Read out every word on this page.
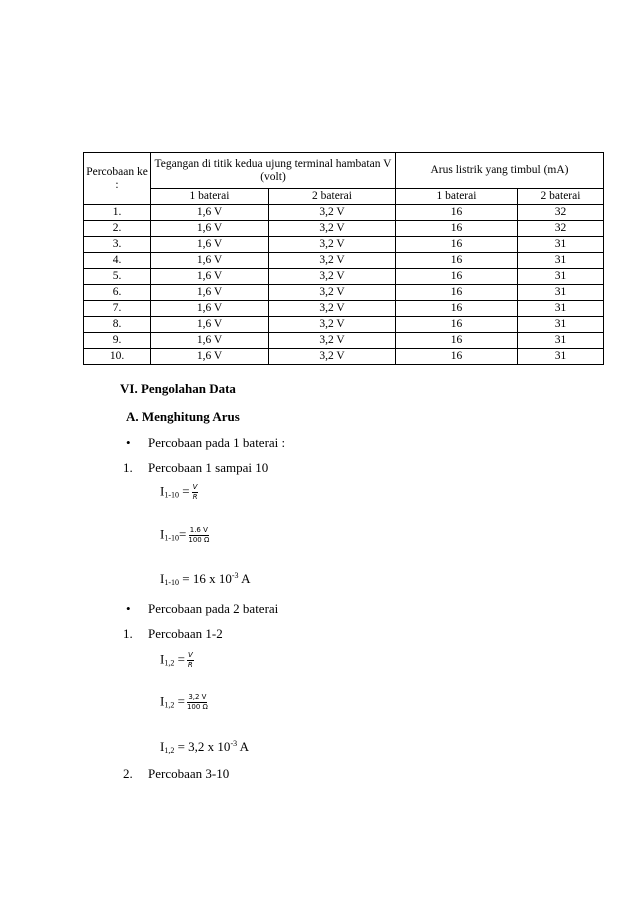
Percobaan ke :	Tegangan di titik kedua ujung terminal hambatan V (volt)		Arus listrik yang timbul (mA)	
	1 baterai	2 baterai	1 baterai	2 baterai
1.	1,6 V	3,2 V	16	32
2.	1,6 V	3,2 V	16	32
3.	1,6 V	3,2 V	16	31
4.	1,6 V	3,2 V	16	31
5.	1,6 V	3,2 V	16	31
6.	1,6 V	3,2 V	16	31
7.	1,6 V	3,2 V	16	31
8.	1,6 V	3,2 V	16	31
9.	1,6 V	3,2 V	16	31
10.	1,6 V	3,2 V	16	31
VI. Pengolahan Data
A. Menghitung Arus
• Percobaan pada 1 baterai :
1. Percobaan 1 sampai 10
$I_{1-10} = \frac{V}{R}$
$I_{1-10}= \frac{1.6 V}{100 \Omega}$
$I_{1-10} = 16$ x $10^{-3}$ A
• Percobaan pada 2 baterai
1. Percobaan 1-2
$I_{1,2} = \frac{V}{R}$
$I_{1,2} = \frac{3,2 V}{100 \Omega}$
$I_{1,2} = 3,2$ x $10^{-3}$ A
2. Percobaan 3-10
